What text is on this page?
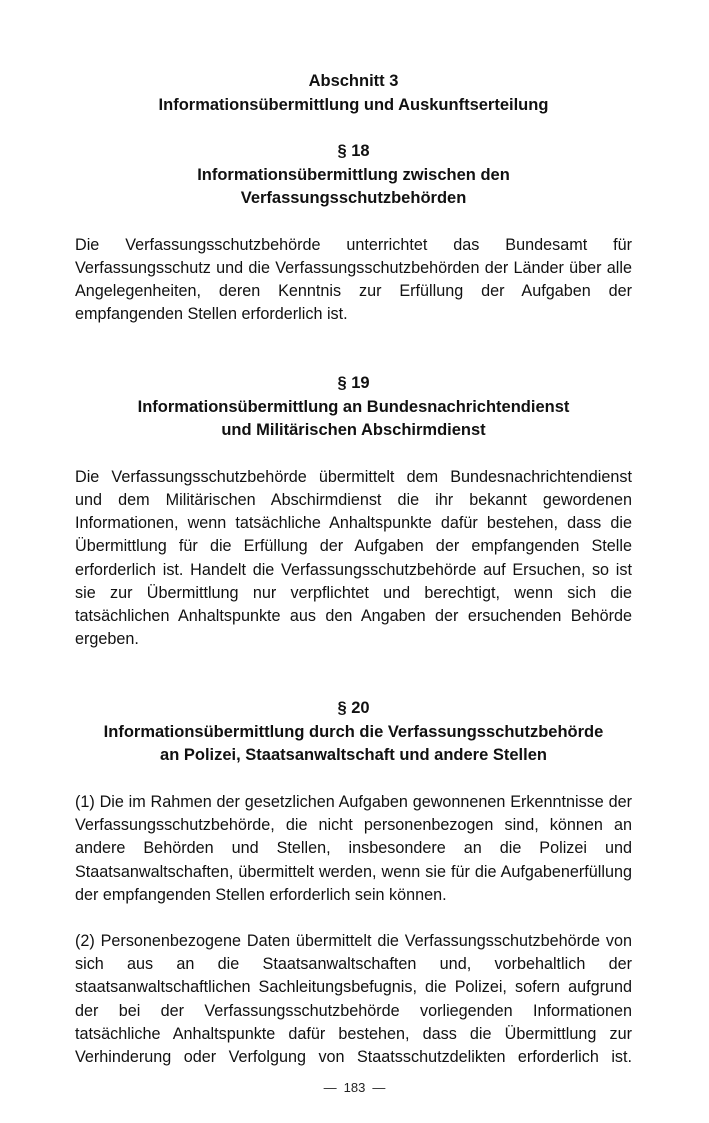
Abschnitt 3
Informationsübermittlung und Auskunftserteilung
§ 18
Informationsübermittlung zwischen den
Verfassungsschutzbehörden

Die Verfassungsschutzbehörde unterrichtet das Bundesamt für Verfassungsschutz und die Verfassungsschutzbehörden der Länder über alle Angelegenheiten, deren Kenntnis zur Erfüllung der Aufgaben der empfangenden Stellen erforderlich ist.

§ 19
Informationsübermittlung an Bundesnachrichtendienst
und Militärischen Abschirmdienst

Die Verfassungsschutzbehörde übermittelt dem Bundesnachrichtendienst und dem Militärischen Abschirmdienst die ihr bekannt gewordenen Informationen, wenn tatsächliche Anhaltspunkte dafür bestehen, dass die Übermittlung für die Erfüllung der Aufgaben der empfangenden Stelle erforderlich ist. Handelt die Verfassungsschutzbehörde auf Ersuchen, so ist sie zur Übermittlung nur verpflichtet und berechtigt, wenn sich die tatsächlichen Anhaltspunkte aus den Angaben der ersuchenden Behörde ergeben.

§ 20
Informationsübermittlung durch die Verfassungsschutzbehörde
an Polizei, Staatsanwaltschaft und andere Stellen

(1) Die im Rahmen der gesetzlichen Aufgaben gewonnenen Erkenntnisse der Verfassungsschutzbehörde, die nicht personenbezogen sind, können an andere Behörden und Stellen, insbesondere an die Polizei und Staatsanwaltschaften, übermittelt werden, wenn sie für die Aufgabenerfüllung der empfangenden Stellen erforderlich sein können.

(2) Personenbezogene Daten übermittelt die Verfassungsschutzbehörde von sich aus an die Staatsanwaltschaften und, vorbehaltlich der staatsanwaltschaftlichen Sachleitungsbefugnis, die Polizei, sofern aufgrund der bei der Verfassungsschutzbehörde vorliegenden Informationen tatsächliche Anhaltspunkte dafür bestehen, dass die Übermittlung zur Verhinderung oder Verfolgung von Staatsschutzdelikten erforderlich ist.

— 183 —
